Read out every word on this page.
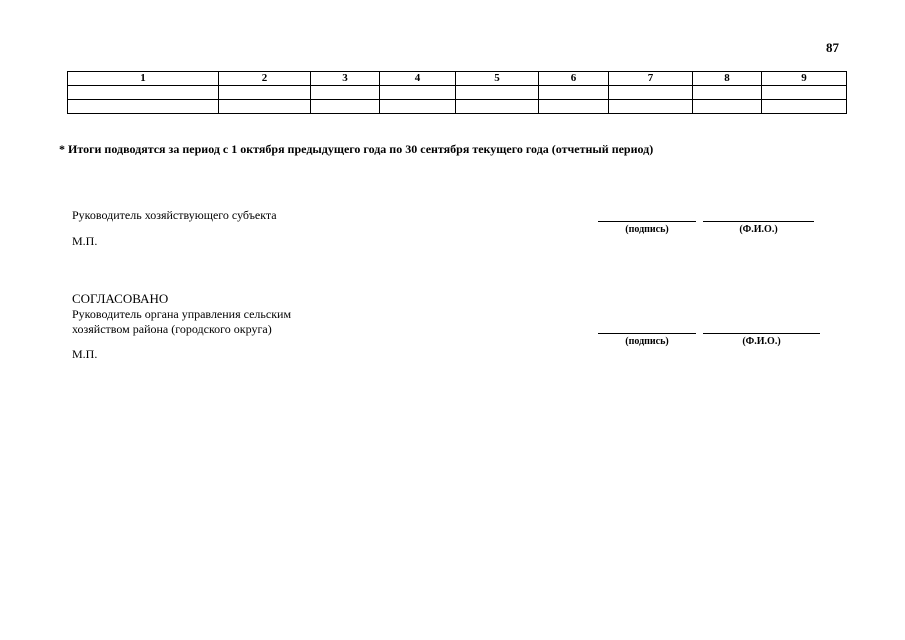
87
1	2	3	4	5	6	7	8	9

* Итоги подводятся за период с 1 октября предыдущего года по 30 сентября текущего года (отчетный период)
Руководитель хозяйствующего субъекта
М.П.
(подпись)	(Ф.И.О.)
СОГЛАСОВАНО
Руководитель органа управления сельским
хозяйством района (городского округа)
М.П.
(подпись)	(Ф.И.О.)
